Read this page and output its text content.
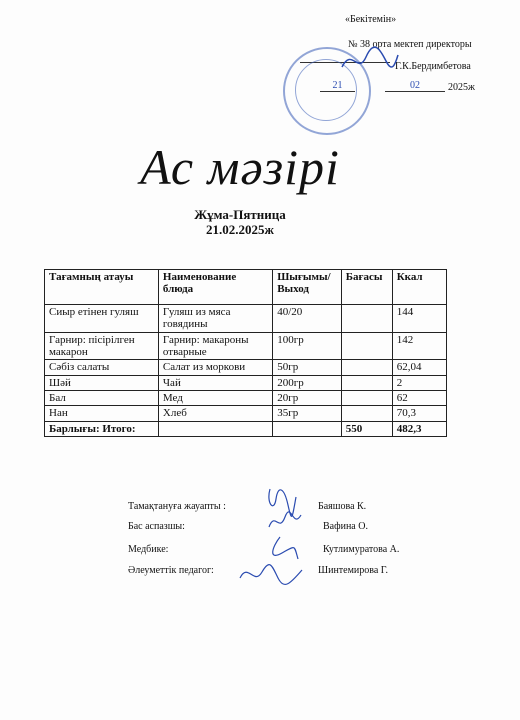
«Бекітемін»
№ 38 орта мектеп директоры
Г.К.Бердимбетова
21	02	2025ж
Ас мәзірі
Жұма-Пятница
21.02.2025ж
Тағамның атауы	Наименование блюда	Шығымы/ Выход	Бағасы	Ккал
Сиыр етінен гуляш	Гуляш из мяса говядины	40/20		144
Гарнир: пісірілген макарон	Гарнир: макароны отварные	100гр		142
Сәбіз салаты	Салат из моркови	50гр		62,04
Шәй	Чай	200гр		2
Бал	Мед	20гр		62
Нан	Хлеб	35гр		70,3
Барлығы: Итого:			550	482,3
Тамақтануға жауапты :	Баяшова К.
Бас аспазшы:	Вафина О.
Медбике:	Кутлимуратова А.
Әлеуметтік педагог:	Шинтемирова Г.
